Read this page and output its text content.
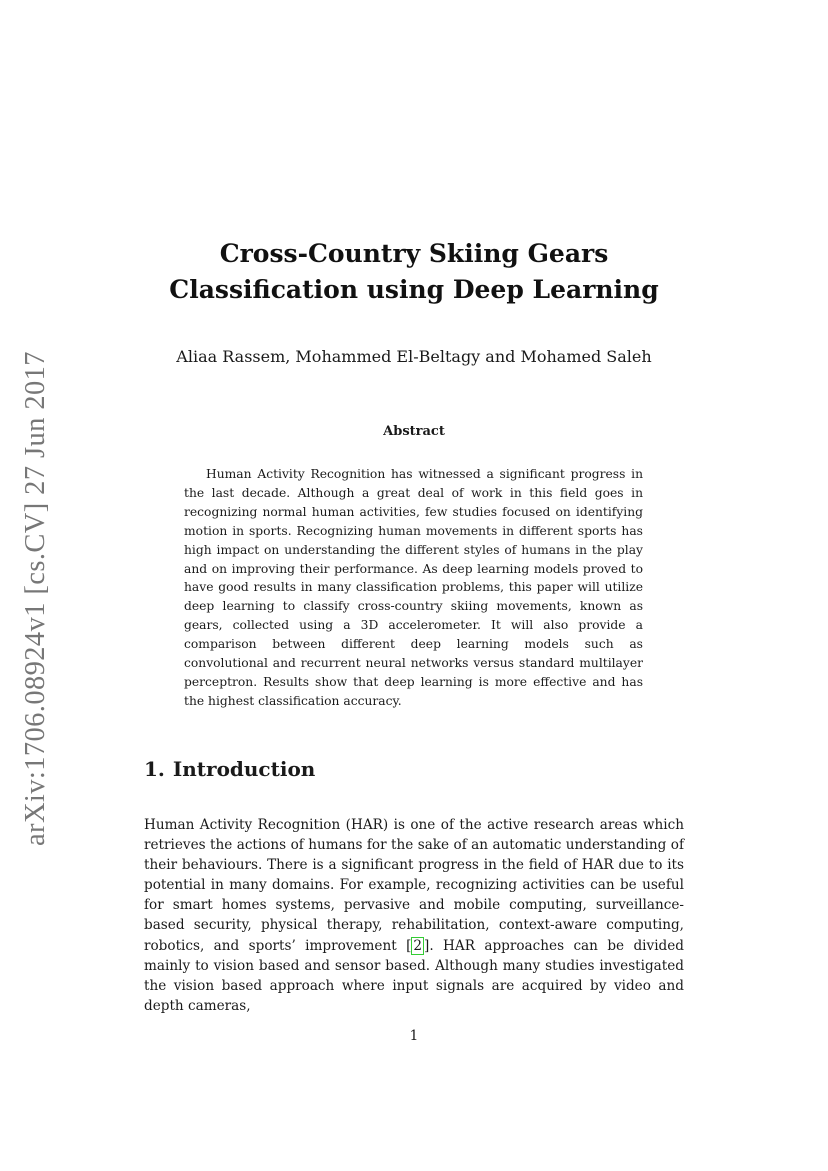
arXiv:1706.08924v1 [cs.CV] 27 Jun 2017
Cross-Country Skiing Gears
Classification using Deep Learning
Aliaa Rassem, Mohammed El-Beltagy and Mohamed Saleh
Abstract
Human Activity Recognition has witnessed a significant progress in the last decade. Although a great deal of work in this field goes in recognizing normal human activities, few studies focused on identifying motion in sports. Recognizing human movements in different sports has high impact on understanding the different styles of humans in the play and on improving their performance. As deep learning models proved to have good results in many classification problems, this paper will utilize deep learning to classify cross-country skiing movements, known as gears, collected using a 3D accelerometer. It will also provide a comparison between different deep learning models such as convolutional and recurrent neural networks versus standard multilayer perceptron. Results show that deep learning is more effective and has the highest classification accuracy.
1. Introduction
Human Activity Recognition (HAR) is one of the active research areas which retrieves the actions of humans for the sake of an automatic understanding of their behaviours. There is a significant progress in the field of HAR due to its potential in many domains. For example, recognizing activities can be useful for smart homes systems, pervasive and mobile computing, surveillance-based security, physical therapy, rehabilitation, context-aware computing, robotics, and sports’ improvement [ 2 ]. HAR approaches can be divided mainly to vision based and sensor based. Although many studies investigated the vision based approach where input signals are acquired by video and depth cameras,
1
